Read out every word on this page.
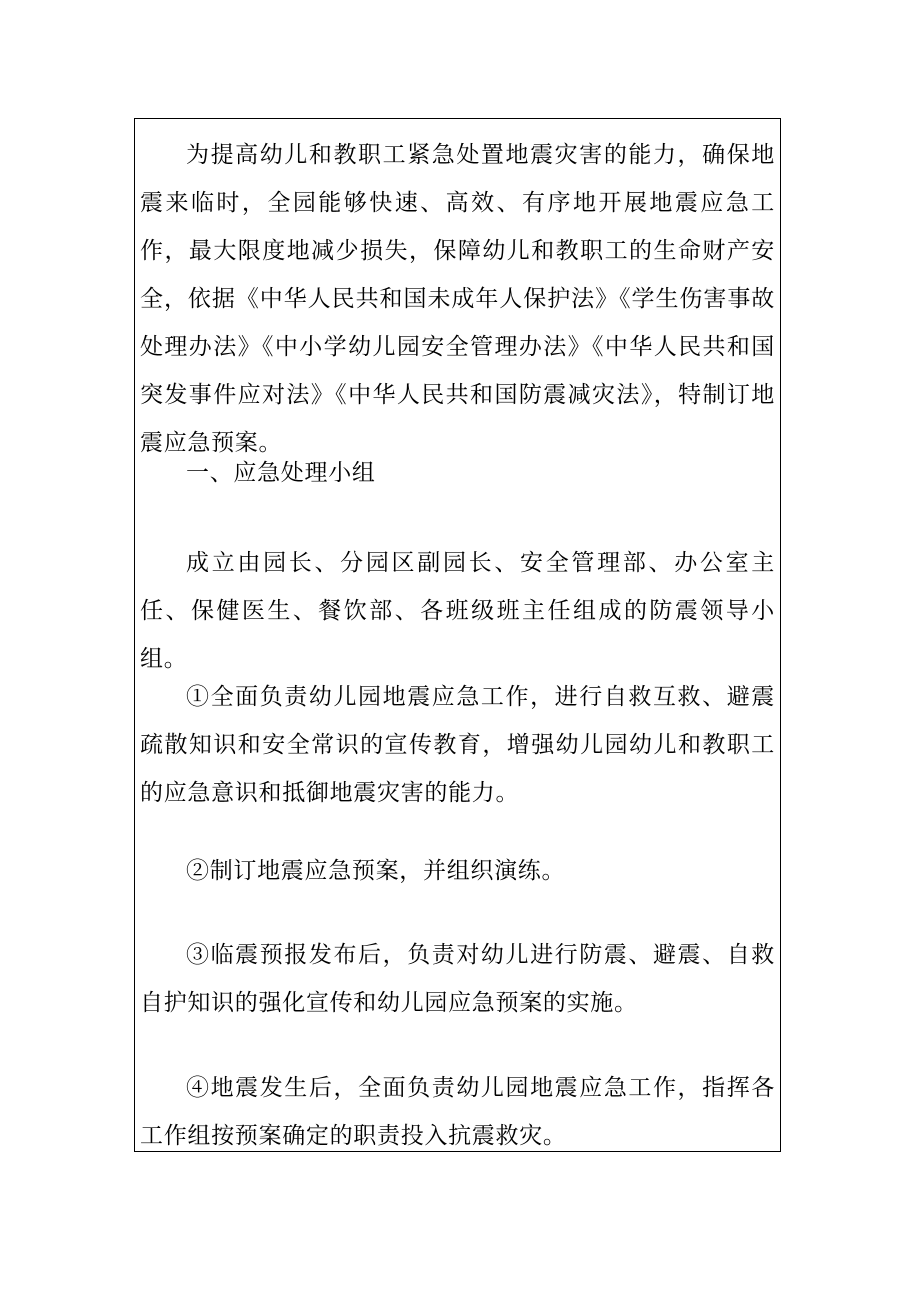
为提高幼儿和教职工紧急处置地震灾害的能力，确保地震来临时，全园能够快速、高效、有序地开展地震应急工作，最大限度地减少损失，保障幼儿和教职工的生命财产安全，依据《中华人民共和国未成年人保护法》《学生伤害事故处理办法》《中小学幼儿园安全管理办法》《中华人民共和国突发事件应对法》《中华人民共和国防震减灾法》，特制订地震应急预案。

一、应急处理小组

成立由园长、分园区副园长、安全管理部、办公室主任、保健医生、餐饮部、各班级班主任组成的防震领导小组。

①全面负责幼儿园地震应急工作，进行自救互救、避震疏散知识和安全常识的宣传教育，增强幼儿园幼儿和教职工的应急意识和抵御地震灾害的能力。

②制订地震应急预案，并组织演练。

③临震预报发布后，负责对幼儿进行防震、避震、自救自护知识的强化宣传和幼儿园应急预案的实施。

④地震发生后，全面负责幼儿园地震应急工作，指挥各工作组按预案确定的职责投入抗震救灾。
